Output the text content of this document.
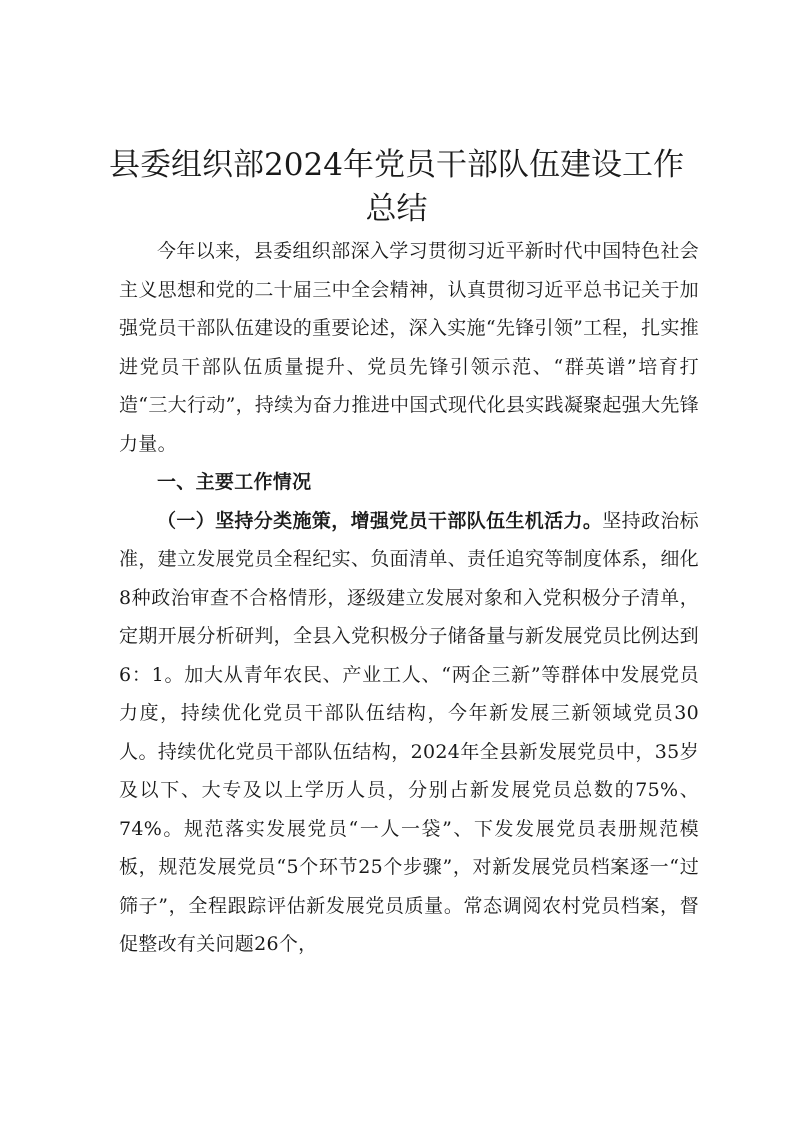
县委组织部2024年党员干部队伍建设工作总结

今年以来，县委组织部深入学习贯彻习近平新时代中国特色社会主义思想和党的二十届三中全会精神，认真贯彻习近平总书记关于加强党员干部队伍建设的重要论述，深入实施“先锋引领”工程，扎实推进党员干部队伍质量提升、党员先锋引领示范、“群英谱”培育打造“三大行动”，持续为奋力推进中国式现代化县实践凝聚起强大先锋力量。

一、主要工作情况

（一）坚持分类施策，增强党员干部队伍生机活力。坚持政治标准，建立发展党员全程纪实、负面清单、责任追究等制度体系，细化8种政治审查不合格情形，逐级建立发展对象和入党积极分子清单，定期开展分析研判，全县入党积极分子储备量与新发展党员比例达到6：1。加大从青年农民、产业工人、“两企三新”等群体中发展党员力度，持续优化党员干部队伍结构，今年新发展三新领域党员30人。持续优化党员干部队伍结构，2024年全县新发展党员中，35岁及以下、大专及以上学历人员，分别占新发展党员总数的75%、74%。规范落实发展党员“一人一袋”、下发发展党员表册规范模板，规范发展党员“5个环节25个步骤”，对新发展党员档案逐一“过筛子”，全程跟踪评估新发展党员质量。常态调阅农村党员档案，督促整改有关问题26个，
